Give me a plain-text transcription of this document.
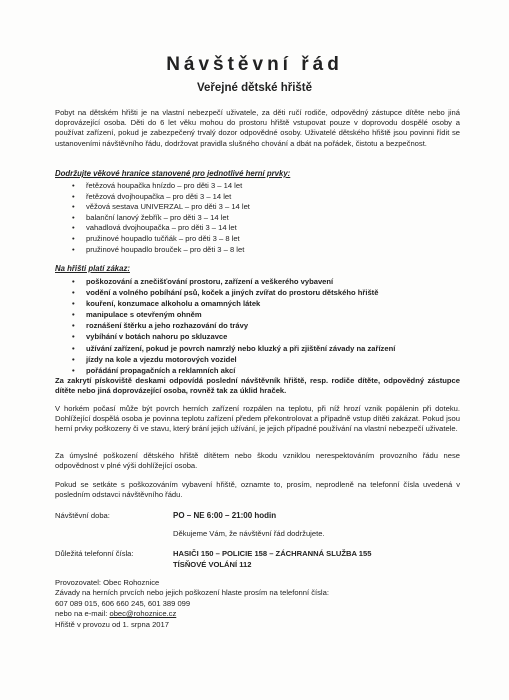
Návštěvní řád
Veřejné dětské hřiště
Pobyt na dětském hřišti je na vlastní nebezpečí uživatele, za děti ručí rodiče, odpovědný zástupce dítěte nebo jiná doprovázející osoba. Děti do 6 let věku mohou do prostoru hřiště vstupovat pouze v doprovodu dospělé osoby a používat zařízení, pokud je zabezpečený trvalý dozor odpovědné osoby. Uživatelé dětského hřiště jsou povinni řídit se ustanoveními návštěvního řádu, dodržovat pravidla slušného chování a dbát na pořádek, čistotu a bezpečnost.
Dodržujte věkové hranice stanovené pro jednotlivé herní prvky:
• řetězová houpačka hnízdo – pro děti 3 – 14 let
• řetězová dvojhoupačka – pro děti 3 – 14 let
• věžová sestava UNIVERZAL – pro děti 3 – 14 let
• balanční lanový žebřík – pro děti 3 – 14 let
• vahadlová dvojhoupačka – pro děti 3 – 14 let
• pružinové houpadlo tučňák – pro děti 3 – 8 let
• pružinové houpadlo brouček – pro děti 3 – 8 let
Na hřišti platí zákaz:
• poškozování a znečišťování prostoru, zařízení a veškerého vybavení
• vodění a volného pobíhání psů, koček a jiných zvířat do prostoru dětského hřiště
• kouření, konzumace alkoholu a omamných látek
• manipulace s otevřeným ohněm
• roznášení štěrku a jeho rozhazování do trávy
• vybíhání v botách nahoru po skluzavce
• užívání zařízení, pokud je povrch namrzlý nebo kluzký a při zjištění závady na zařízení
• jízdy na kole a vjezdu motorových vozidel
• pořádání propagačních a reklamních akcí
Za zakrytí pískoviště deskami odpovídá poslední návštěvník hřiště, resp. rodiče dítěte, odpovědný zástupce dítěte nebo jiná doprovázející osoba, rovněž tak za úklid hraček.
V horkém počasí může být povrch herních zařízení rozpálen na teplotu, při níž hrozí vznik popálenin při doteku. Dohlížející dospělá osoba je povinna teplotu zařízení předem překontrolovat a případně vstup dítěti zakázat. Pokud jsou herní prvky poškozeny či ve stavu, který brání jejich užívání, je jejich případné používání na vlastní nebezpečí uživatele.
Za úmyslné poškození dětského hřiště dítětem nebo škodu vzniklou nerespektováním provozního řádu nese odpovědnost v plné výši dohlížející osoba.
Pokud se setkáte s poškozováním vybavení hřiště, oznamte to, prosím, neprodleně na telefonní čísla uvedená v posledním odstavci návštěvního řádu.
Návštěvní doba:	PO – NE 6:00 – 21:00 hodin
Děkujeme Vám, že návštěvní řád dodržujete.
Důležitá telefonní čísla:	HASIČI 150 – POLICIE 158 – ZÁCHRANNÁ SLUŽBA 155
TÍSŇOVÉ VOLÁNÍ 112
Provozovatel: Obec Rohoznice
Závady na herních prvcích nebo jejich poškození hlaste prosím na telefonní čísla:
607 089 015, 606 660 245, 601 389 099
nebo na e-mail: obec@rohoznice.cz
Hřiště v provozu od 1. srpna 2017
